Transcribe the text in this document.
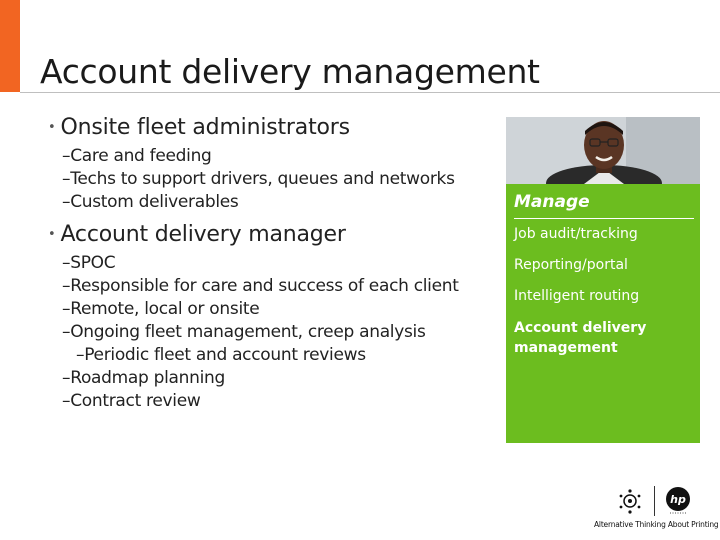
Account delivery management

• Onsite fleet administrators

–Care and feeding
–Techs to support drivers, queues and networks
–Custom deliverables

• Account delivery manager

–SPOC
–Responsible for care and success of each client
–Remote, local or onsite
–Ongoing fleet management, creep analysis
–Periodic fleet and account reviews
–Roadmap planning
–Contract review
Manage
Job audit/tracking
Reporting/portal
Intelligent routing
Account delivery management
hp
Alternative Thinking About Printing
